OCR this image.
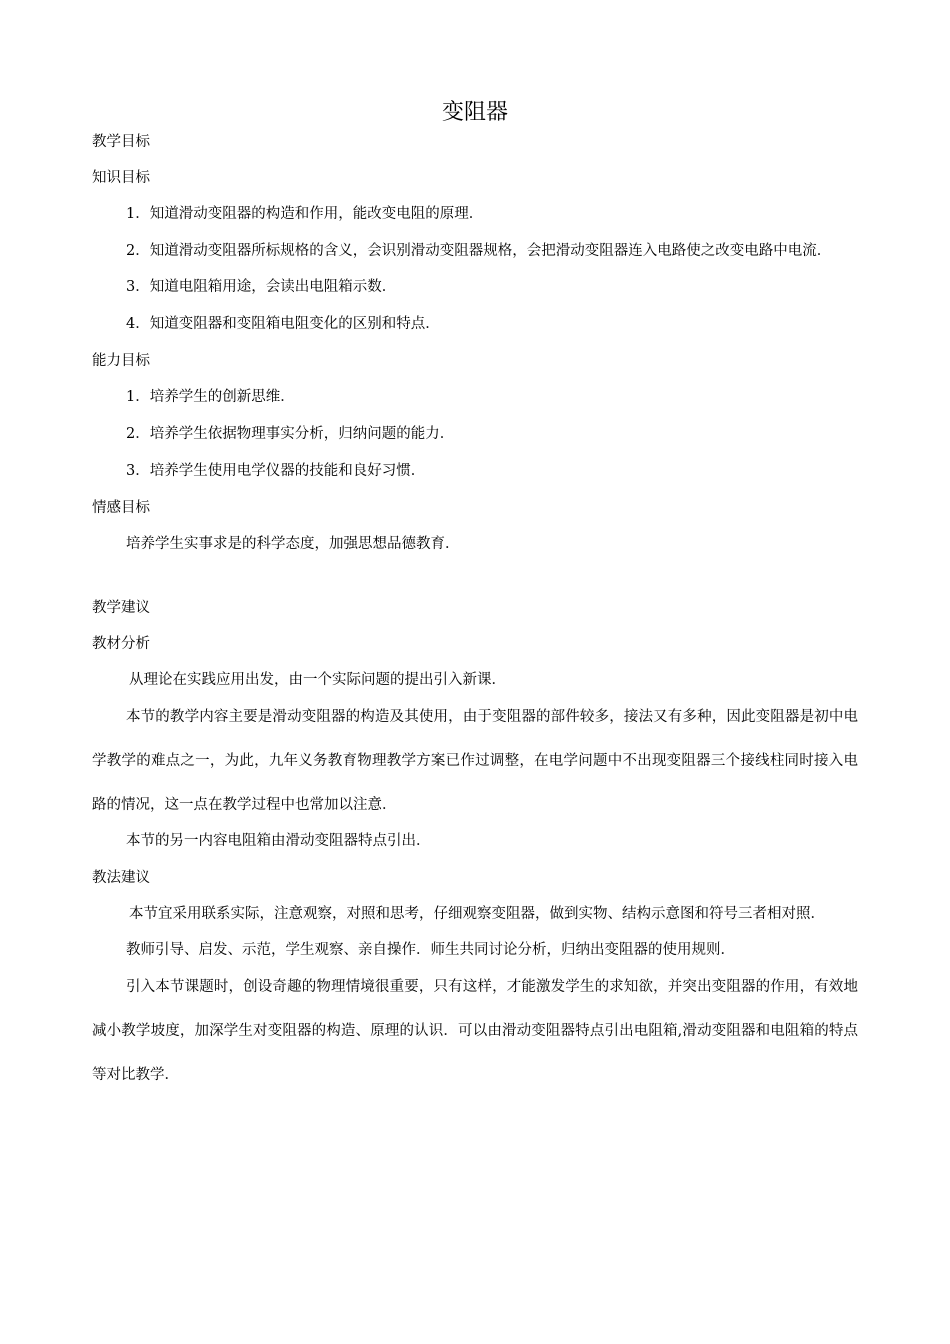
变阻器
教学目标
知识目标
1．知道滑动变阻器的构造和作用，能改变电阻的原理．

2．知道滑动变阻器所标规格的含义，会识别滑动变阻器规格，会把滑动变阻器连入电路使之改变电路中电流．

3．知道电阻箱用途，会读出电阻箱示数．
4．知道变阻器和变阻箱电阻变化的区别和特点．
能力目标
1．培养学生的创新思维．
2．培养学生依据物理事实分析，归纳问题的能力．
3．培养学生使用电学仪器的技能和良好习惯．
情感目标

培养学生实事求是的科学态度，加强思想品德教育．

教学建议
教材分析

从理论在实践应用出发，由一个实际问题的提出引入新课．

本节的教学内容主要是滑动变阻器的构造及其使用，由于变阻器的部件较多，接法又有多种，因此变阻器是初中电学教学的难点之一，为此，九年义务教育物理教学方案已作过调整，在电学问题中不出现变阻器三个接线柱同时接入电路的情况，这一点在教学过程中也常加以注意．

本节的另一内容电阻箱由滑动变阻器特点引出．

教法建议

本节宜采用联系实际，注意观察，对照和思考，仔细观察变阻器，做到实物、结构示意图和符号三者相对照．

教师引导、启发、示范，学生观察、亲自操作．师生共同讨论分析，归纳出变阻器的使用规则．

引入本节课题时，创设奇趣的物理情境很重要，只有这样，才能激发学生的求知欲，并突出变阻器的作用，有效地减小教学坡度，加深学生对变阻器的构造、原理的认识．可以由滑动变阻器特点引出电阻箱,滑动变阻器和电阻箱的特点等对比教学．
